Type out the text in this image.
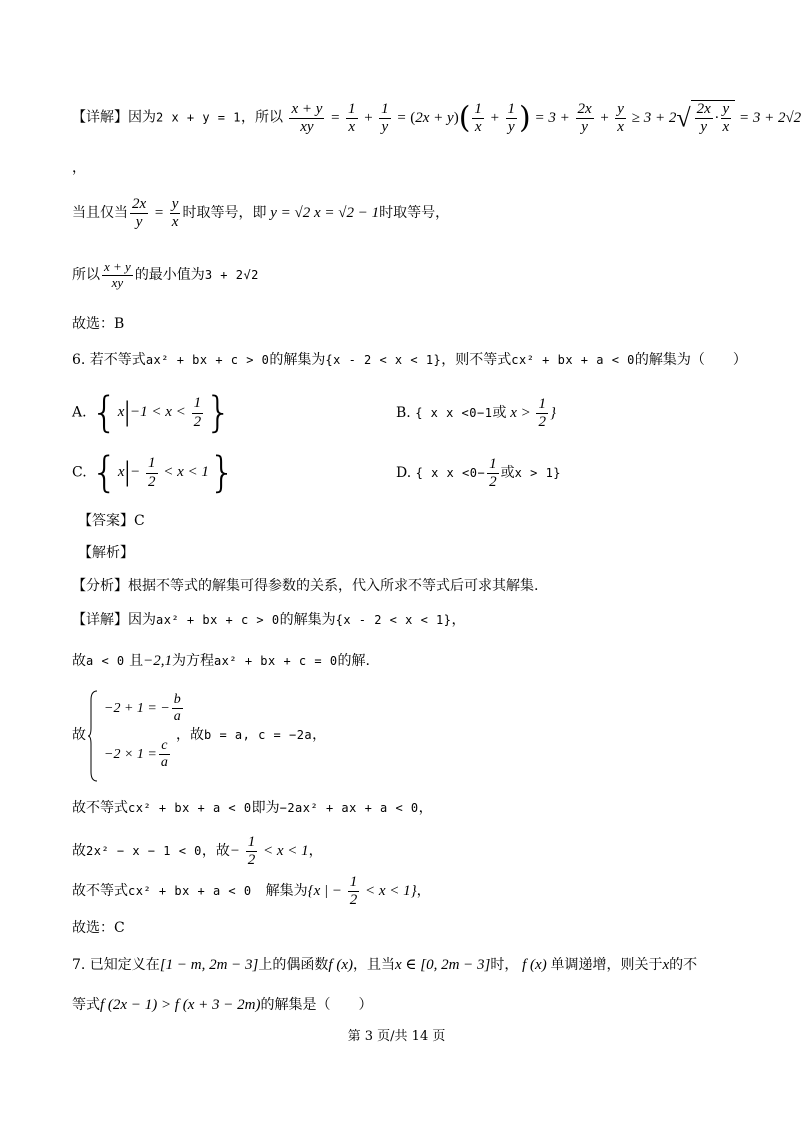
【详解】因为2 x + y = 1，所以 $\frac{x + y}{xy} = \frac{1}{x} + \frac{1}{y} = (2x + y)( \frac{1}{x} + \frac{1}{y}$ ) = $3 + \frac{2x}{y} + \frac{y}{x} \ge 3 + 2√ \frac{2x}{y} \cdot \frac{y}{x} = 3 + 2√2$
，
当且仅当 $\frac{2x}{y} = \frac{y}{x}$ 时取等号，即 y = √2 x = √2 − 1时取等号，
所以 $\frac{x + y}{xy}$ 的最小值为3 + 2√2
故选：B
6. 若不等式ax² + bx + c > 0的解集为{x - 2 < x < 1}，则不等式cx² + bx + a < 0的解集为（　　）
A. {$x|-1 < x < \frac{1}{2}$ }	B. { x x <0−1或 $x > \frac{1}{2}$ }
C. $\{x|- \frac{1}{2} < x < 1\}$	D. { x $x <0- \frac{1}{2}$ 或x > 1}
【答案】C
【解析】
【分析】根据不等式的解集可得参数的关系，代入所求不等式后可求其解集.
【详解】因为ax² + bx + c > 0的解集为{x - 2 < x < 1}，
故a < 0 且−2,1为方程ax² + bx + c = 0的解.
故
−2 + 1 = − $\frac{b}{a}$
$-2 \times 1 = \frac{c}{a}$
，故b = a, c = −2a，
故不等式cx² + bx + a < 0即为−2ax² + ax + a < 0，
故2x² − x − 1 < 0，故− $\frac{1}{2} < x < 1$，
故不等式cx² + bx + a < 0　 解集为{x | − $\frac{1}{2} < x < 1$}，
故选：C
7. 已知定义在[1 − m, 2m − 3]上的偶函数f (x)，且当x ∈ [0, 2m − 3]时， f (x) 单调递增，则关于x的不
等式f (2x − 1) > f (x + 3 − 2m)的解集是（　　）
第 3 页/共 14 页
